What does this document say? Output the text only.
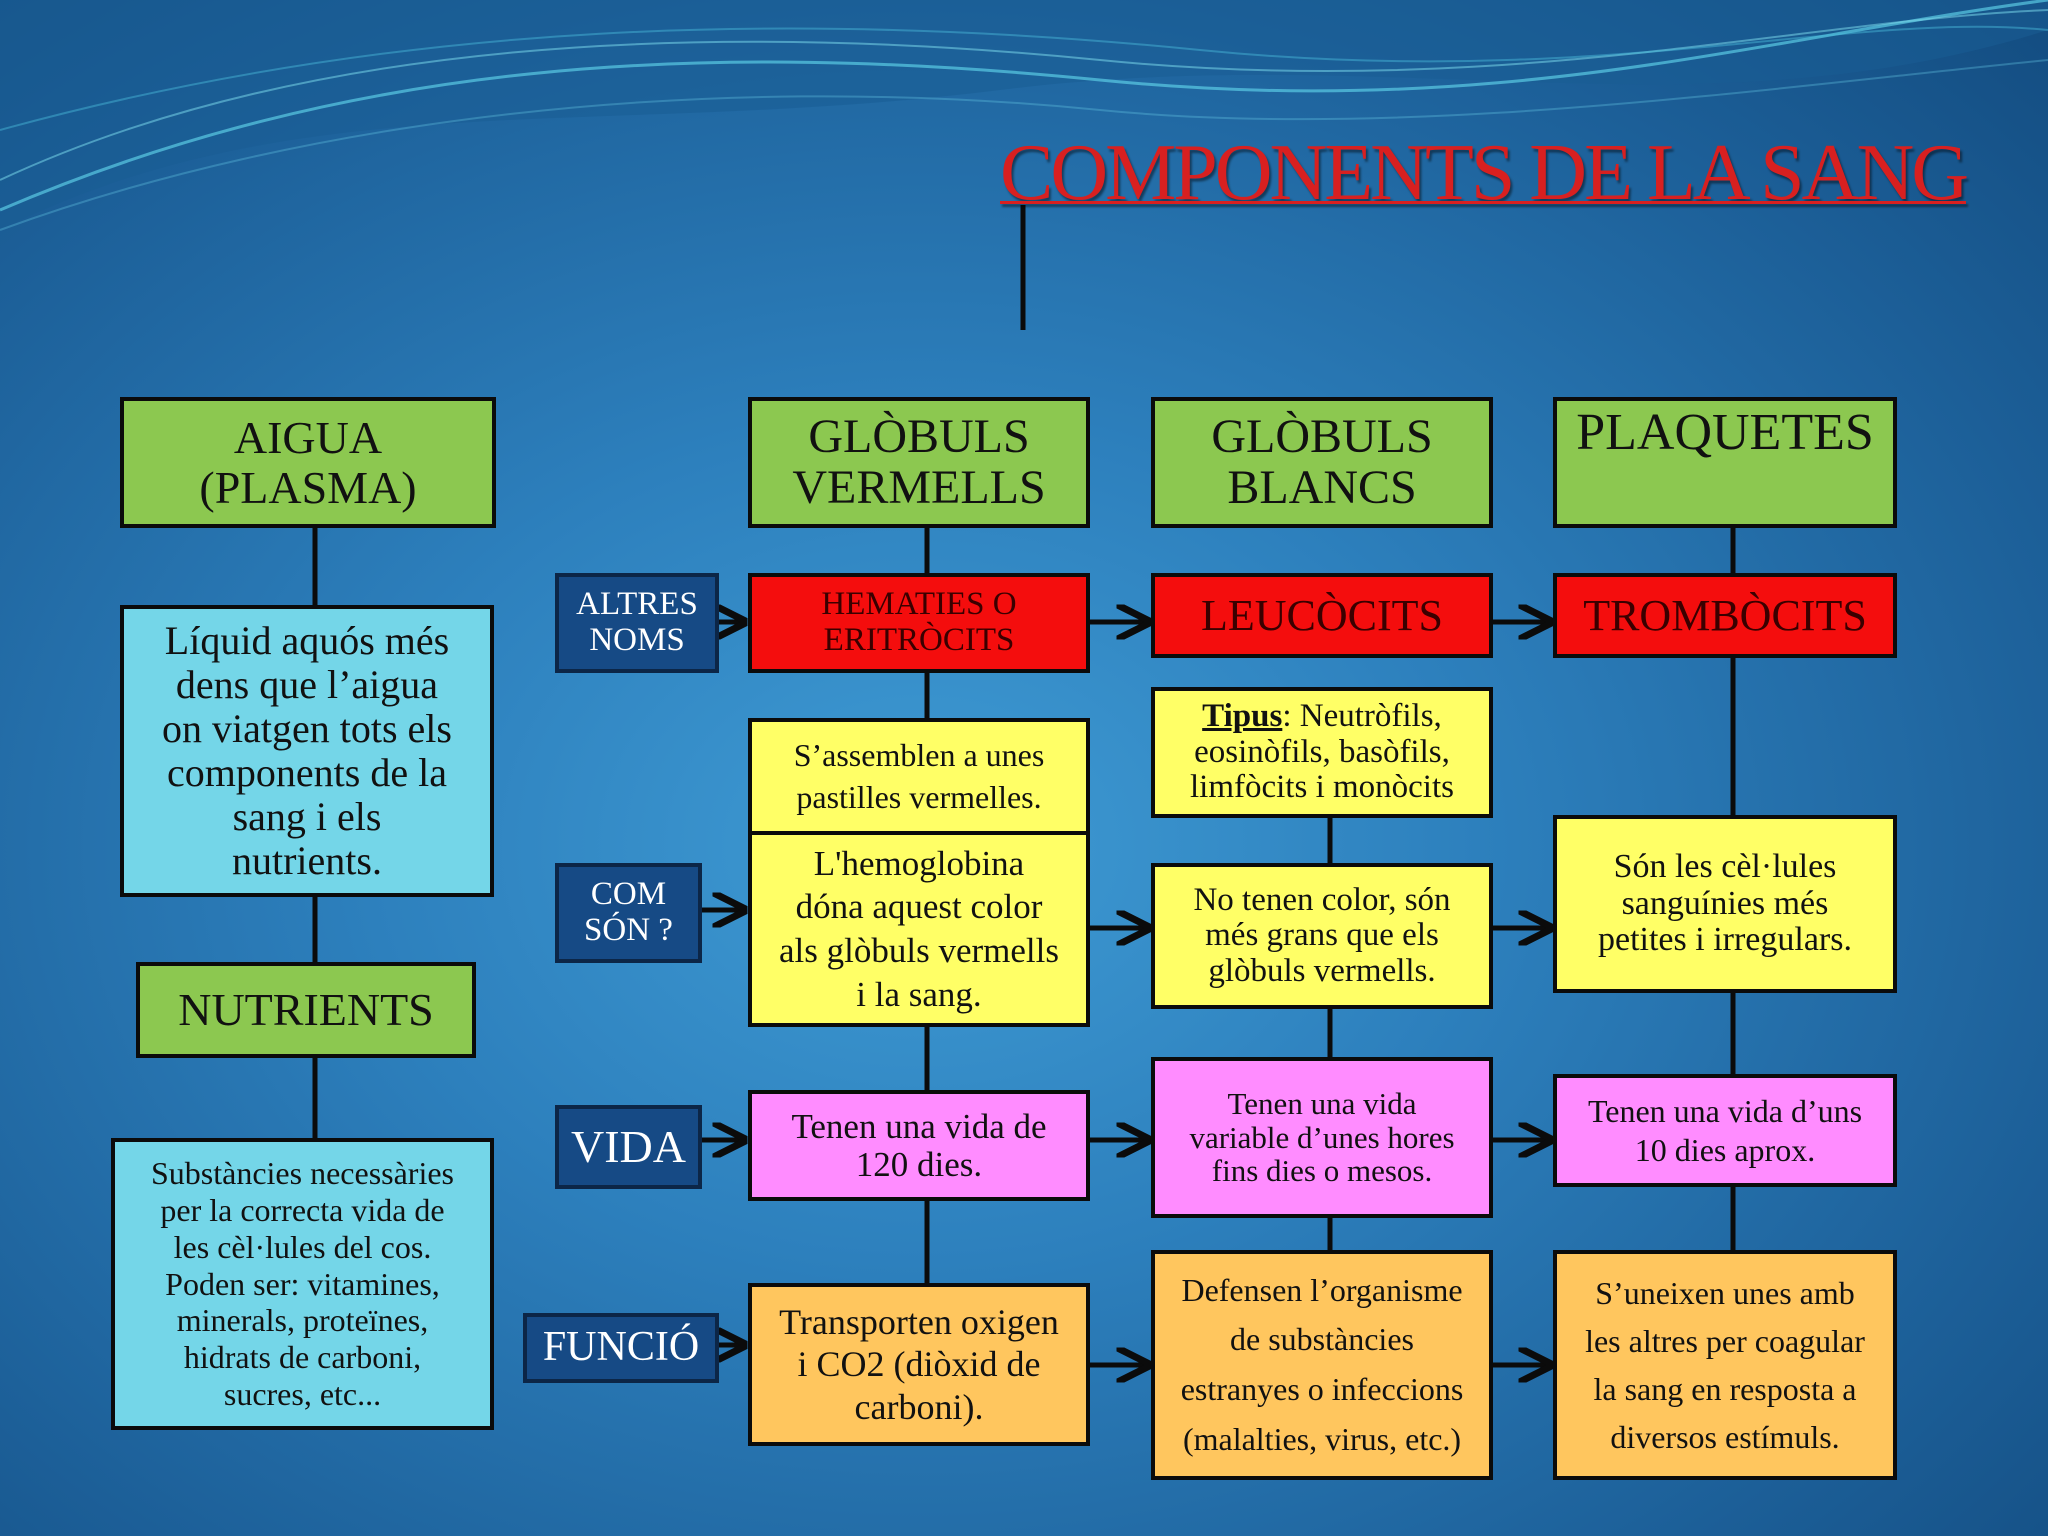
COMPONENTS DE LA SANG
AIGUA
(PLASMA)
Líquid aquós més
dens que l’aigua
on viatgen tots els
components de la
sang i els
nutrients.
NUTRIENTS
Substàncies necessàries
per la correcta vida de
les cèl·lules del cos.
Poden ser: vitamines,
minerals, proteïnes,
hidrats de carboni,
sucres, etc...
ALTRES
NOMS
COM
SÓN ?
VIDA
FUNCIÓ
GLÒBULS
VERMELLS
HEMATIES O
ERITRÒCITS
S’assemblen a unes
pastilles vermelles.
L'hemoglobina
dóna aquest color
als glòbuls vermells
i la sang.
Tenen una vida de
120 dies.
Transporten oxigen
i CO2 (diòxid de
carboni).
GLÒBULS
BLANCS
LEUCÒCITS
Tipus: Neutròfils,
eosinòfils, basòfils,
limfòcits i monòcits
No tenen color, són
més grans que els
glòbuls vermells.
Tenen una vida
variable d’unes hores
fins dies o mesos.
Defensen l’organisme
de substàncies
estranyes o infeccions
(malalties, virus, etc.)
PLAQUETES
TROMBÒCITS
Són les cèl·lules
sanguínies més
petites i irregulars.
Tenen una vida d’uns
10 dies aprox.
S’uneixen unes amb
les altres per coagular
la sang en resposta a
diversos estímuls.
